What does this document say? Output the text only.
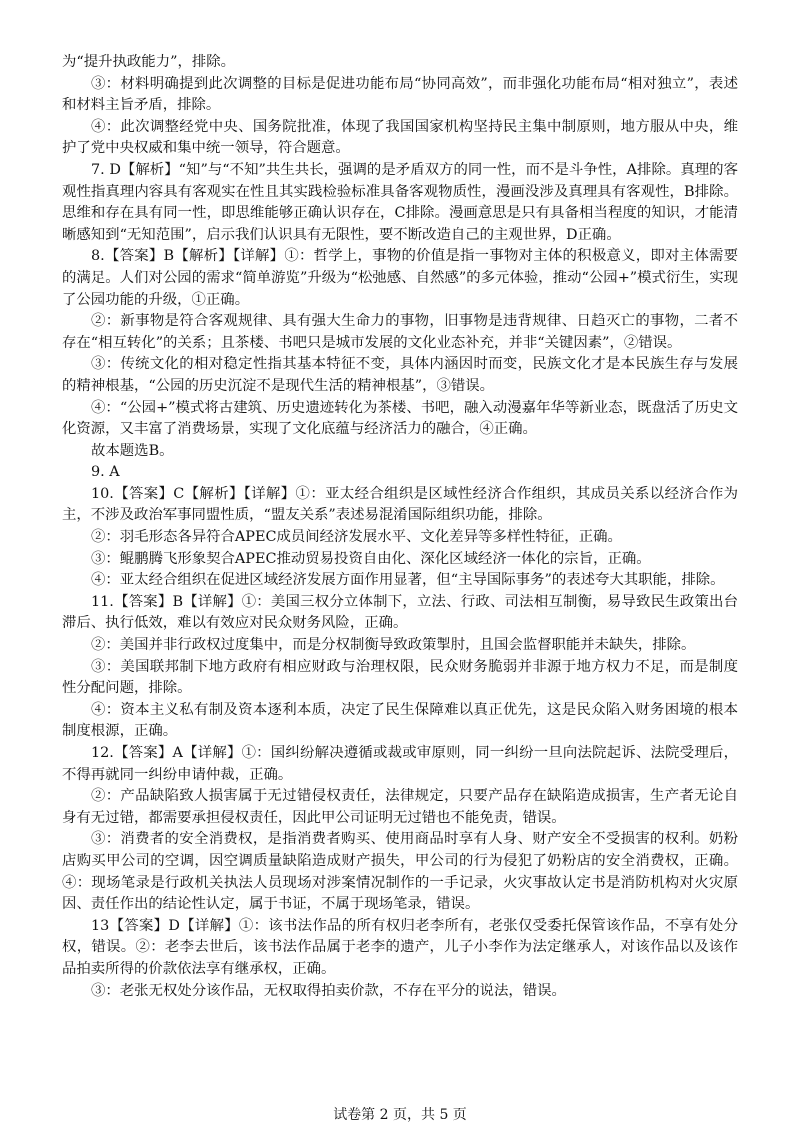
为“提升执政能力”，排除。

③：材料明确提到此次调整的目标是促进功能布局“协同高效”，而非强化功能布局“相对独立”，表述和材料主旨矛盾，排除。

④：此次调整经党中央、国务院批准，体现了我国国家机构坚持民主集中制原则，地方服从中央，维护了党中央权威和集中统一领导，符合题意。

7. D【解析】“知”与“不知”共生共长，强调的是矛盾双方的同一性，而不是斗争性，A排除。真理的客观性指真理内容具有客观实在性且其实践检验标准具备客观物质性，漫画没涉及真理具有客观性，B排除。思维和存在具有同一性，即思维能够正确认识存在，C排除。漫画意思是只有具备相当程度的知识，才能清晰感知到“无知范围”，启示我们认识具有无限性，要不断改造自己的主观世界，D正确。

8.【答案】B【解析】【详解】①：哲学上，事物的价值是指一事物对主体的积极意义，即对主体需要的满足。人们对公园的需求“简单游览”升级为“松弛感、自然感”的多元体验，推动“公园+”模式衍生，实现了公园功能的升级，①正确。

②：新事物是符合客观规律、具有强大生命力的事物，旧事物是违背规律、日趋灭亡的事物，二者不存在“相互转化”的关系；且茶楼、书吧只是城市发展的文化业态补充，并非“关键因素”，②错误。

③：传统文化的相对稳定性指其基本特征不变，具体内涵因时而变，民族文化才是本民族生存与发展的精神根基，“公园的历史沉淀不是现代生活的精神根基”，③错误。

④：“公园+”模式将古建筑、历史遗迹转化为茶楼、书吧，融入动漫嘉年华等新业态，既盘活了历史文化资源，又丰富了消费场景，实现了文化底蕴与经济活力的融合，④正确。

故本题选B。

9. A

10.【答案】C【解析】【详解】①：亚太经合组织是区域性经济合作组织，其成员关系以经济合作为主，不涉及政治军事同盟性质，“盟友关系”表述易混淆国际组织功能，排除。

②：羽毛形态各异符合APEC成员间经济发展水平、文化差异等多样性特征，正确。

③：鲲鹏腾飞形象契合APEC推动贸易投资自由化、深化区域经济一体化的宗旨，正确。

④：亚太经合组织在促进区域经济发展方面作用显著，但“主导国际事务”的表述夸大其职能，排除。

11.【答案】B【详解】①：美国三权分立体制下，立法、行政、司法相互制衡，易导致民生政策出台滞后、执行低效，难以有效应对民众财务风险，正确。

②：美国并非行政权过度集中，而是分权制衡导致政策掣肘，且国会监督职能并未缺失，排除。

③：美国联邦制下地方政府有相应财政与治理权限，民众财务脆弱并非源于地方权力不足，而是制度性分配问题，排除。

④：资本主义私有制及资本逐利本质，决定了民生保障难以真正优先，这是民众陷入财务困境的根本制度根源，正确。

12.【答案】A【详解】①：国纠纷解决遵循或裁或审原则，同一纠纷一旦向法院起诉、法院受理后，不得再就同一纠纷申请仲裁，正确。

②：产品缺陷致人损害属于无过错侵权责任，法律规定，只要产品存在缺陷造成损害，生产者无论自身有无过错，都需要承担侵权责任，因此甲公司证明无过错也不能免责，错误。

③：消费者的安全消费权，是指消费者购买、使用商品时享有人身、财产安全不受损害的权利。奶粉店购买甲公司的空调，因空调质量缺陷造成财产损失，甲公司的行为侵犯了奶粉店的安全消费权，正确。④：现场笔录是行政机关执法人员现场对涉案情况制作的一手记录，火灾事故认定书是消防机构对火灾原因、责任作出的结论性认定，属于书证，不属于现场笔录，错误。

13【答案】D【详解】①：该书法作品的所有权归老李所有，老张仅受委托保管该作品，不享有处分权，错误。②：老李去世后，该书法作品属于老李的遗产，儿子小李作为法定继承人，对该作品以及该作品拍卖所得的价款依法享有继承权，正确。

③：老张无权处分该作品，无权取得拍卖价款，不存在平分的说法，错误。

试卷第 2 页，共 5 页
